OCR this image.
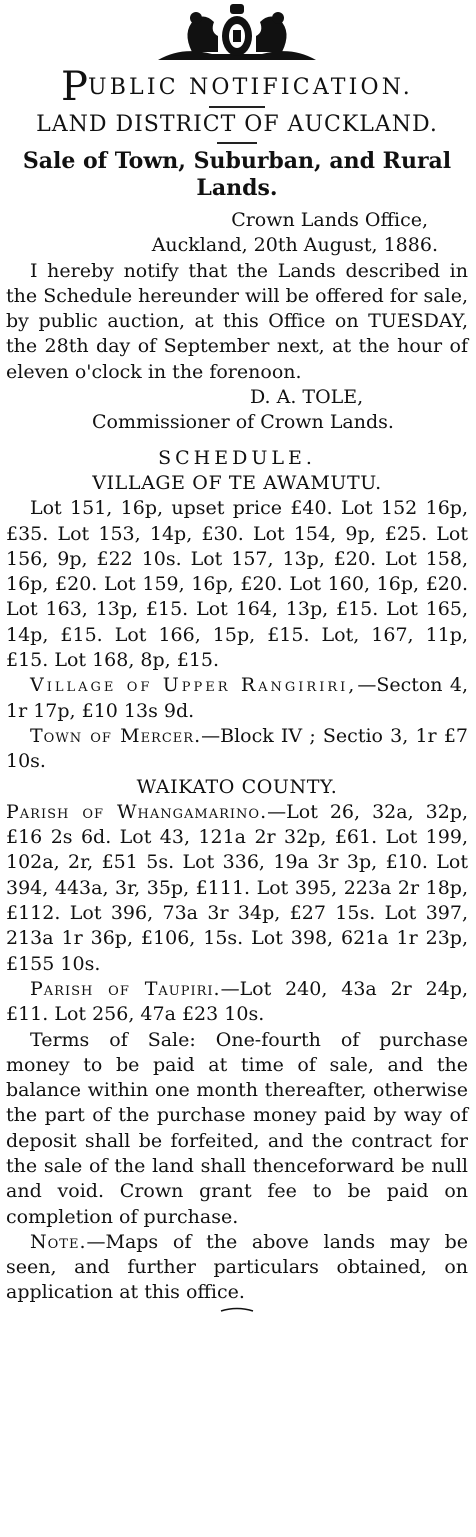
PUBLIC NOTIFICATION.
LAND DISTRICT OF AUCKLAND.
Sale of Town, Suburban, and Rural Lands.

Crown Lands Office,

Auckland, 20th August, 1886.

I hereby notify that the Lands described in the Schedule hereunder will be offered for sale, by public auction, at this Office on TUESDAY, the 28th day of September next, at the hour of eleven o'clock in the forenoon.

D. A. TOLE,

Commissioner of Crown Lands.

SCHEDULE.

VILLAGE OF TE AWAMUTU.

Lot 151, 16p, upset price £40. Lot 152 16p, £35. Lot 153, 14p, £30. Lot 154, 9p, £25. Lot 156, 9p, £22 10s. Lot 157, 13p, £20. Lot 158, 16p, £20. Lot 159, 16p, £20. Lot 160, 16p, £20. Lot 163, 13p, £15. Lot 164, 13p, £15. Lot 165, 14p, £15. Lot 166, 15p, £15. Lot, 167, 11p, £15. Lot 168, 8p, £15.

Village of Upper Rangiriri,—Secton 4, 1r 17p, £10 13s 9d.

Town of Mercer.—Block IV ; Sectio 3, 1r £7 10s.

WAIKATO COUNTY.

Parish of Whangamarino.—Lot 26, 32a, 32p, £16 2s 6d. Lot 43, 121a 2r 32p, £61. Lot 199, 102a, 2r, £51 5s. Lot 336, 19a 3r 3p, £10. Lot 394, 443a, 3r, 35p, £111. Lot 395, 223a 2r 18p, £112. Lot 396, 73a 3r 34p, £27 15s. Lot 397, 213a 1r 36p, £106, 15s. Lot 398, 621a 1r 23p, £155 10s.

Parish of Taupiri.—Lot 240, 43a 2r 24p, £11. Lot 256, 47a £23 10s.

Terms of Sale: One-fourth of purchase money to be paid at time of sale, and the balance within one month thereafter, otherwise the part of the purchase money paid by way of deposit shall be forfeited, and the contract for the sale of the land shall thenceforward be null and void. Crown grant fee to be paid on completion of purchase.

Note.—Maps of the above lands may be seen, and further particulars obtained, on application at this office.
